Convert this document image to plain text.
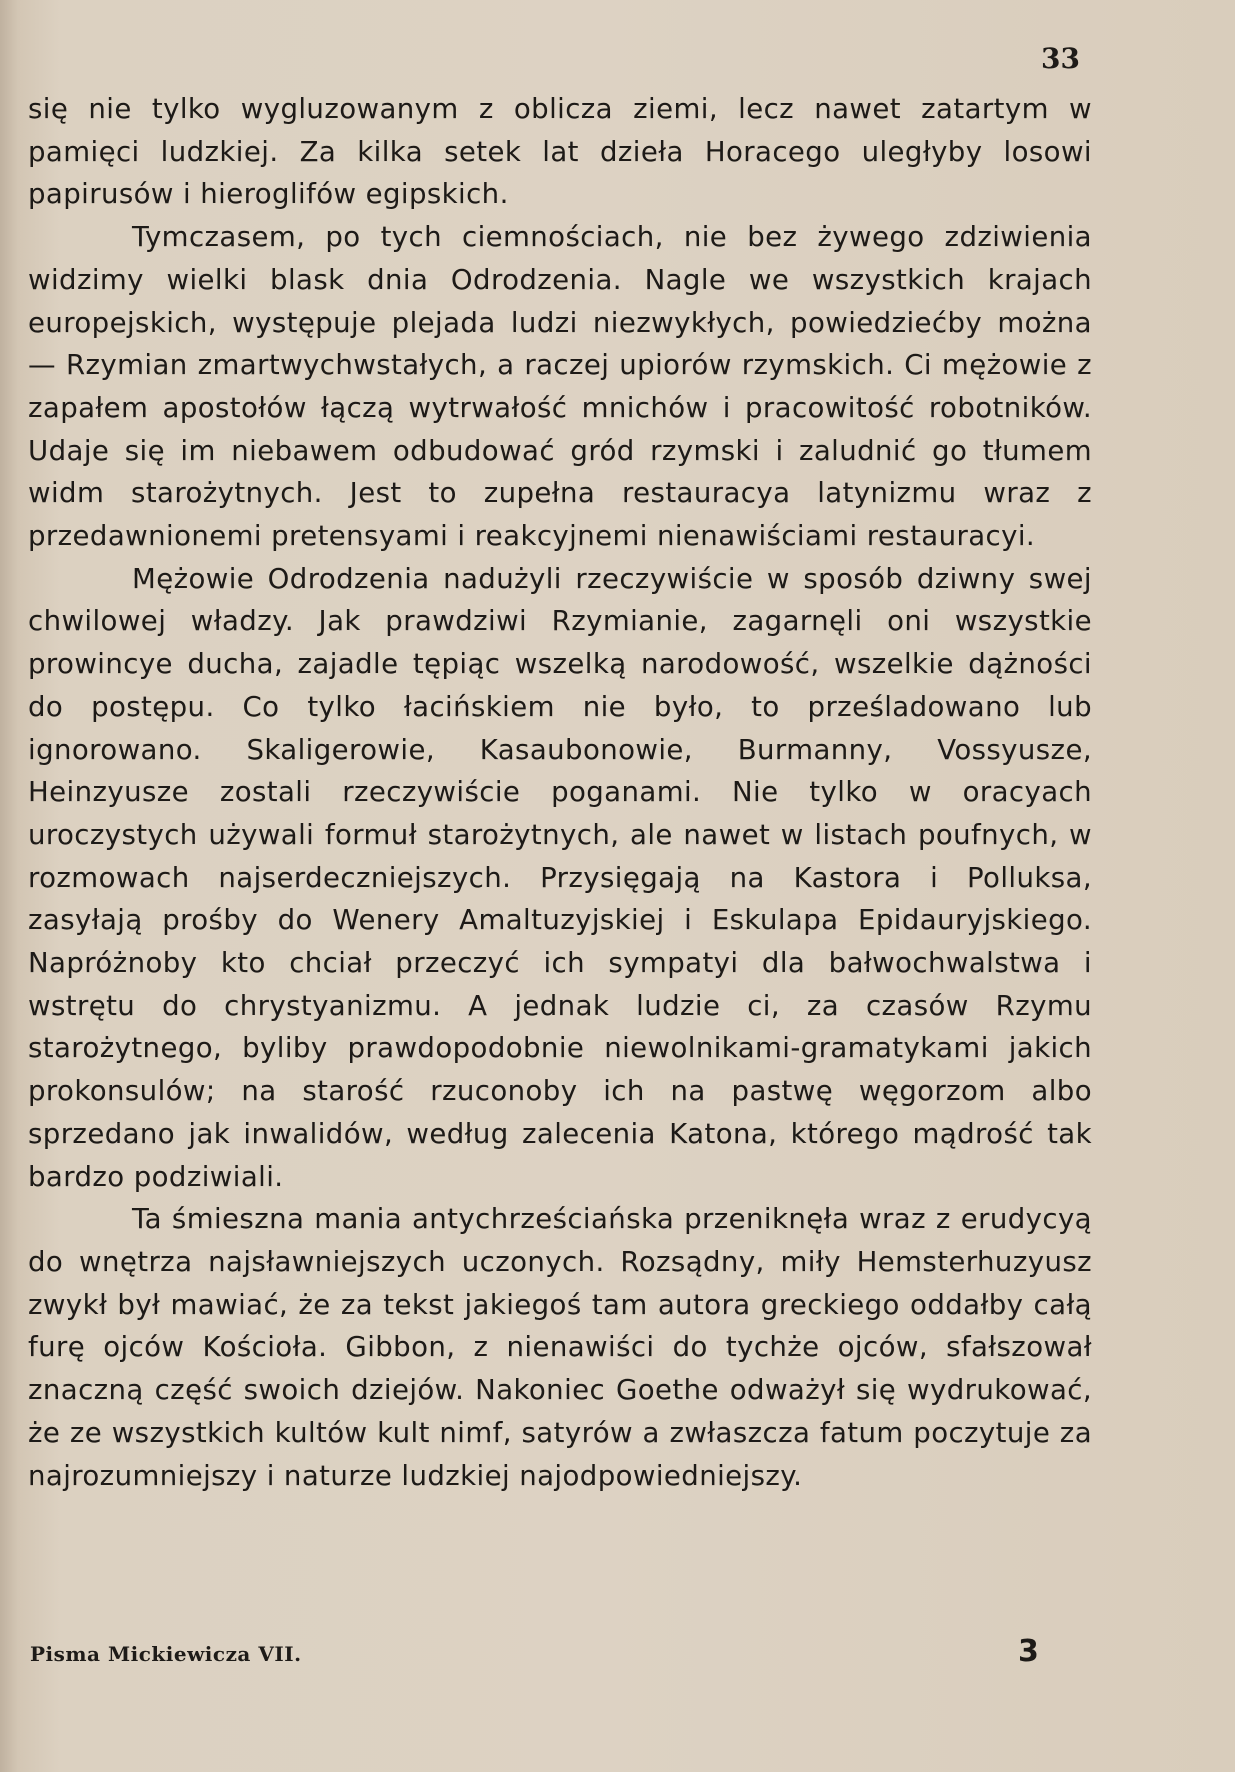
33

się nie tylko wygluzowanym z oblicza ziemi, lecz nawet zatartym w pamięci ludzkiej. Za kilka setek lat dzieła Horacego uległyby losowi papirusów i hieroglifów egipskich.

Tymczasem, po tych ciemnościach, nie bez żywego zdziwienia widzimy wielki blask dnia Odrodzenia. Nagle we wszystkich krajach europejskich, występuje plejada ludzi niezwykłych, powiedziećby można — Rzymian zmartwychwstałych, a raczej upiorów rzymskich. Ci mężowie z zapałem apostołów łączą wytrwałość mnichów i pracowitość robotników. Udaje się im niebawem odbudować gród rzymski i zaludnić go tłumem widm starożytnych. Jest to zupełna restauracya latynizmu wraz z przedawnionemi pretensyami i reakcyjnemi nienawiściami restauracyi.

Mężowie Odrodzenia nadużyli rzeczywiście w sposób dziwny swej chwilowej władzy. Jak prawdziwi Rzymianie, zagarnęli oni wszystkie prowincye ducha, zajadle tępiąc wszelką narodowość, wszelkie dążności do postępu. Co tylko łacińskiem nie było, to prześladowano lub ignorowano. Skaligerowie, Kasaubonowie, Burmanny, Vossyusze, Heinzyusze zostali rzeczywiście poganami. Nie tylko w oracyach uroczystych używali formuł starożytnych, ale nawet w listach poufnych, w rozmowach najserdeczniejszych. Przysięgają na Kastora i Polluksa, zasyłają prośby do Wenery Amaltuzyjskiej i Eskulapa Epidauryjskiego. Napróżnoby kto chciał przeczyć ich sympatyi dla bałwochwalstwa i wstrętu do chrystyanizmu. A jednak ludzie ci, za czasów Rzymu starożytnego, byliby prawdopodobnie niewolnikami-gramatykami jakich prokonsulów; na starość rzuconoby ich na pastwę węgorzom albo sprzedano jak inwalidów, według zalecenia Katona, którego mądrość tak bardzo podziwiali.

Ta śmieszna mania antychrześciańska przeniknęła wraz z erudycyą do wnętrza najsławniejszych uczonych. Rozsądny, miły Hemsterhuzyusz zwykł był mawiać, że za tekst jakiegoś tam autora greckiego oddałby całą furę ojców Kościoła. Gibbon, z nienawiści do tychże ojców, sfałszował znaczną część swoich dziejów. Nakoniec Goethe odważył się wydrukować, że ze wszystkich kultów kult nimf, satyrów a zwłaszcza fatum poczytuje za najrozumniejszy i naturze ludzkiej najodpowiedniejszy.

Pisma Mickiewicza VII.	3
